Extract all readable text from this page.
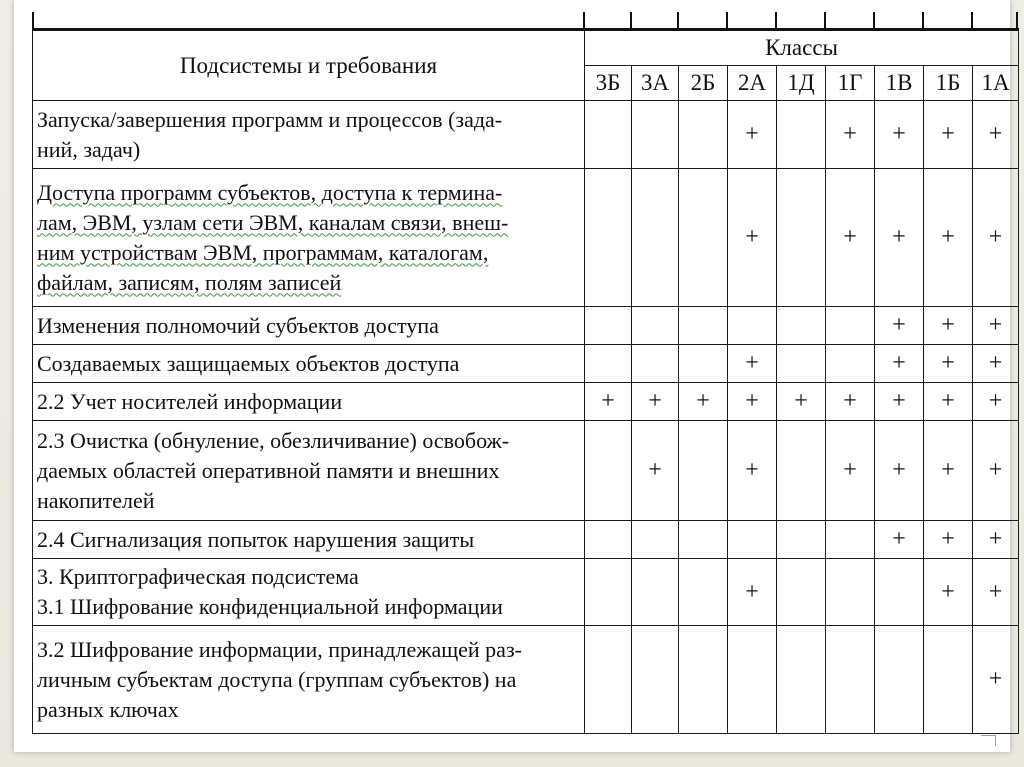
Подсистемы и требования	Классы								
	3Б	3А	2Б	2А	1Д	1Г	1В	1Б	1А

Запуска/завершения программ и процессов (зада-
ний, задач)				+		+	+	+	+

Доступа программ субъектов, доступа к термина-
лам, ЭВМ, узлам сети ЭВМ, каналам связи, внеш-
ним устройствам ЭВМ, программам, каталогам,
файлам, записям, полям записей				+		+	+	+	+

Изменения полномочий субъектов доступа							+	+	+

Создаваемых защищаемых объектов доступа				+			+	+	+

2.2 Учет носителей информации	+	+	+	+	+	+	+	+	+

2.3 Очистка (обнуление, обезличивание) освобож-
даемых областей оперативной памяти и внешних
накопителей		+		+		+	+	+	+

2.4 Сигнализация попыток нарушения защиты							+	+	+

3. Криптографическая подсистема
3.1 Шифрование конфиденциальной информации				+				+	+

3.2 Шифрование информации, принадлежащей раз-
личным субъектам доступа (группам субъектов) на
разных ключах									+
